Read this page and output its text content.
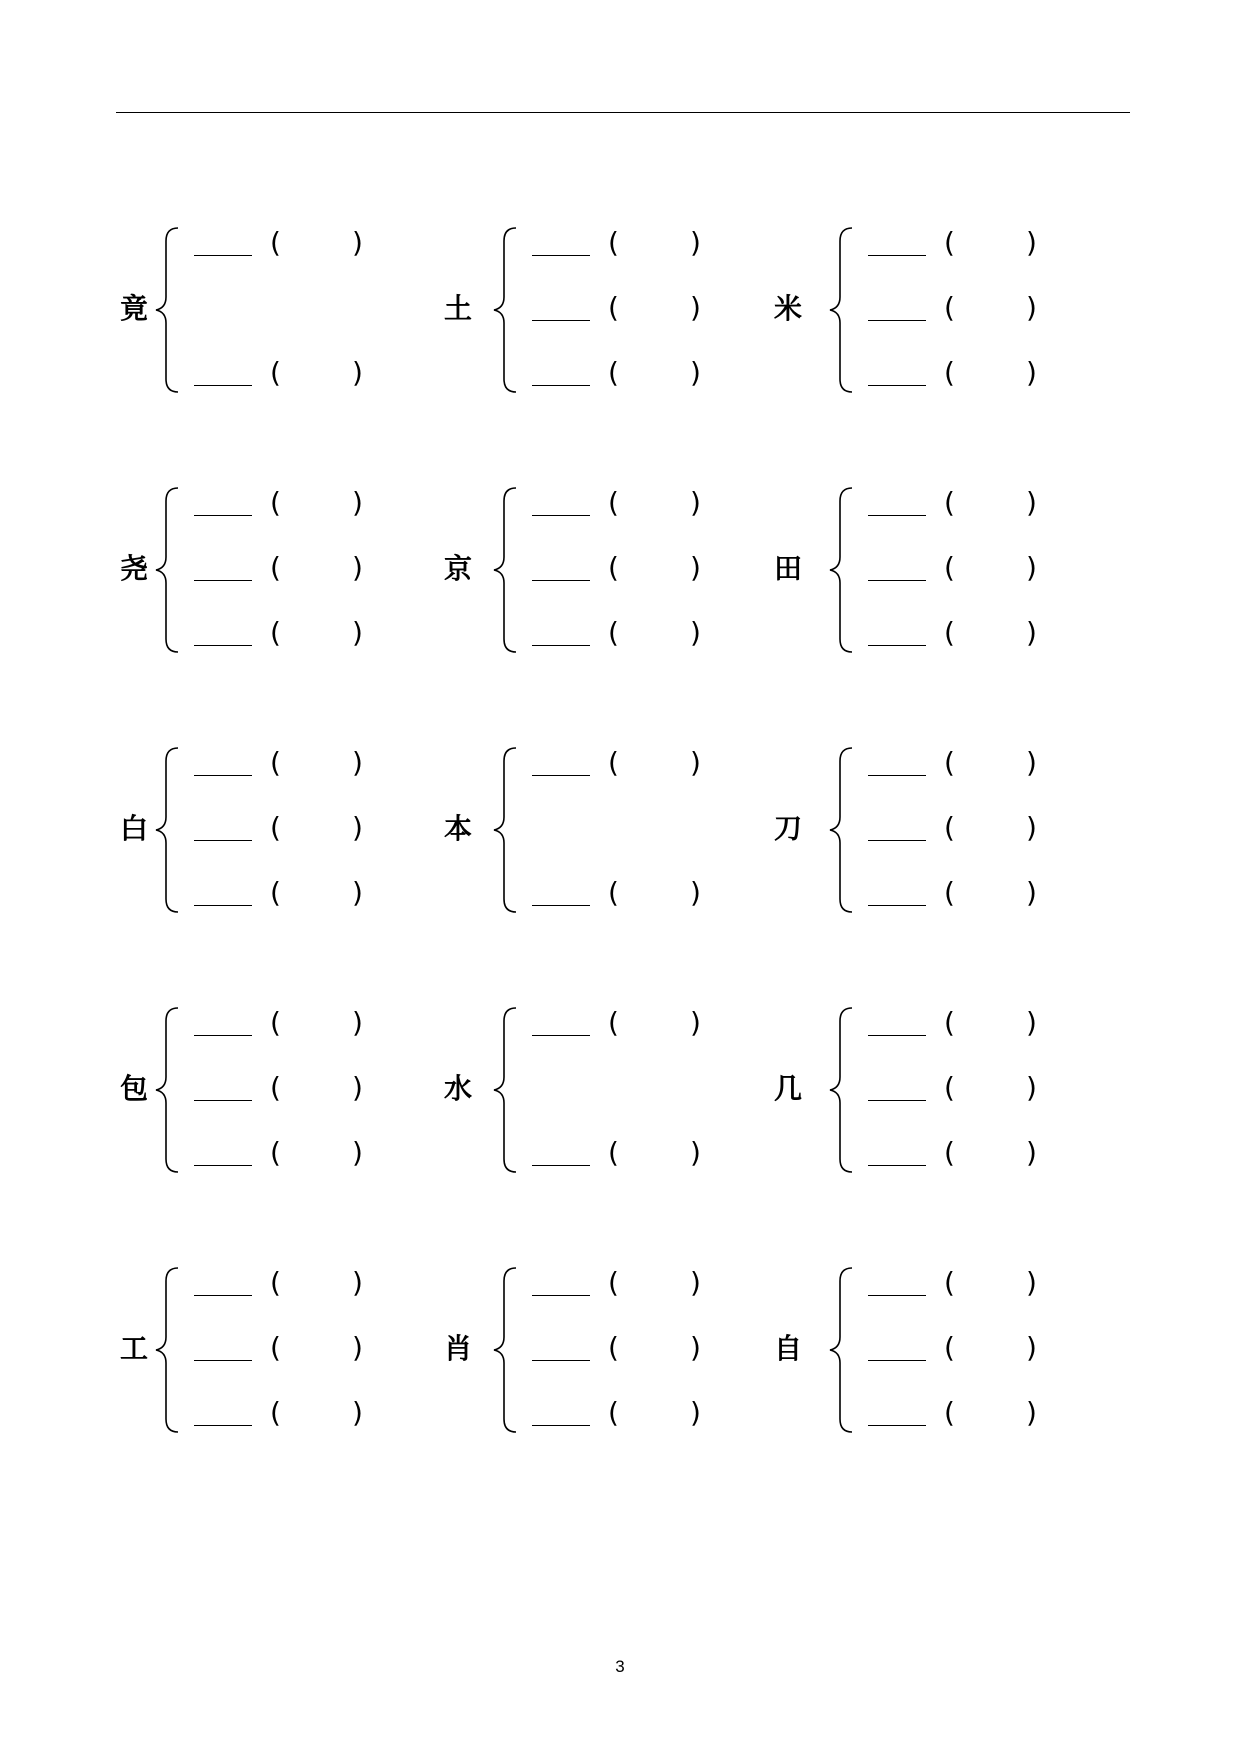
竟
(	)
(	)
土
(	)
(	)
(	)
米
(	)
(	)
(	)
尧
(	)
(	)
(	)
京
(	)
(	)
(	)
田
(	)
(	)
(	)
白
(	)
(	)
(	)
本
(	)
(	)
刀
(	)
(	)
(	)
包
(	)
(	)
(	)
水
(	)
(	)
几
(	)
(	)
(	)
工
(	)
(	)
(	)
肖
(	)
(	)
(	)
自
(	)
(	)
(	)
3
